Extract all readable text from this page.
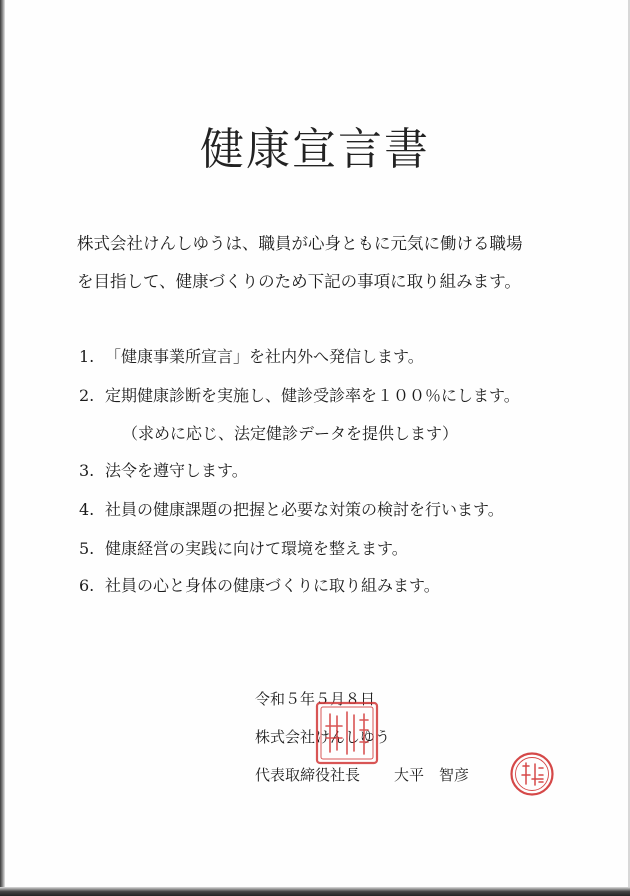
健康宣言書
株式会社けんしゆうは、職員が心身ともに元気に働ける職場
を目指して、健康づくりのため下記の事項に取り組みます。
1. 「健康事業所宣言」を社内外へ発信します。
2. 定期健康診断を実施し、健診受診率を１００％にします。
（求めに応じ、法定健診データを提供します）
3. 法令を遵守します。
4. 社員の健康課題の把握と必要な対策の検討を行います。
5. 健康経営の実践に向けて環境を整えます。
6. 社員の心と身体の健康づくりに取り組みます。
令和５年５月８日
株式会社けんしゆう
代表取締役社長 大平　智彦
